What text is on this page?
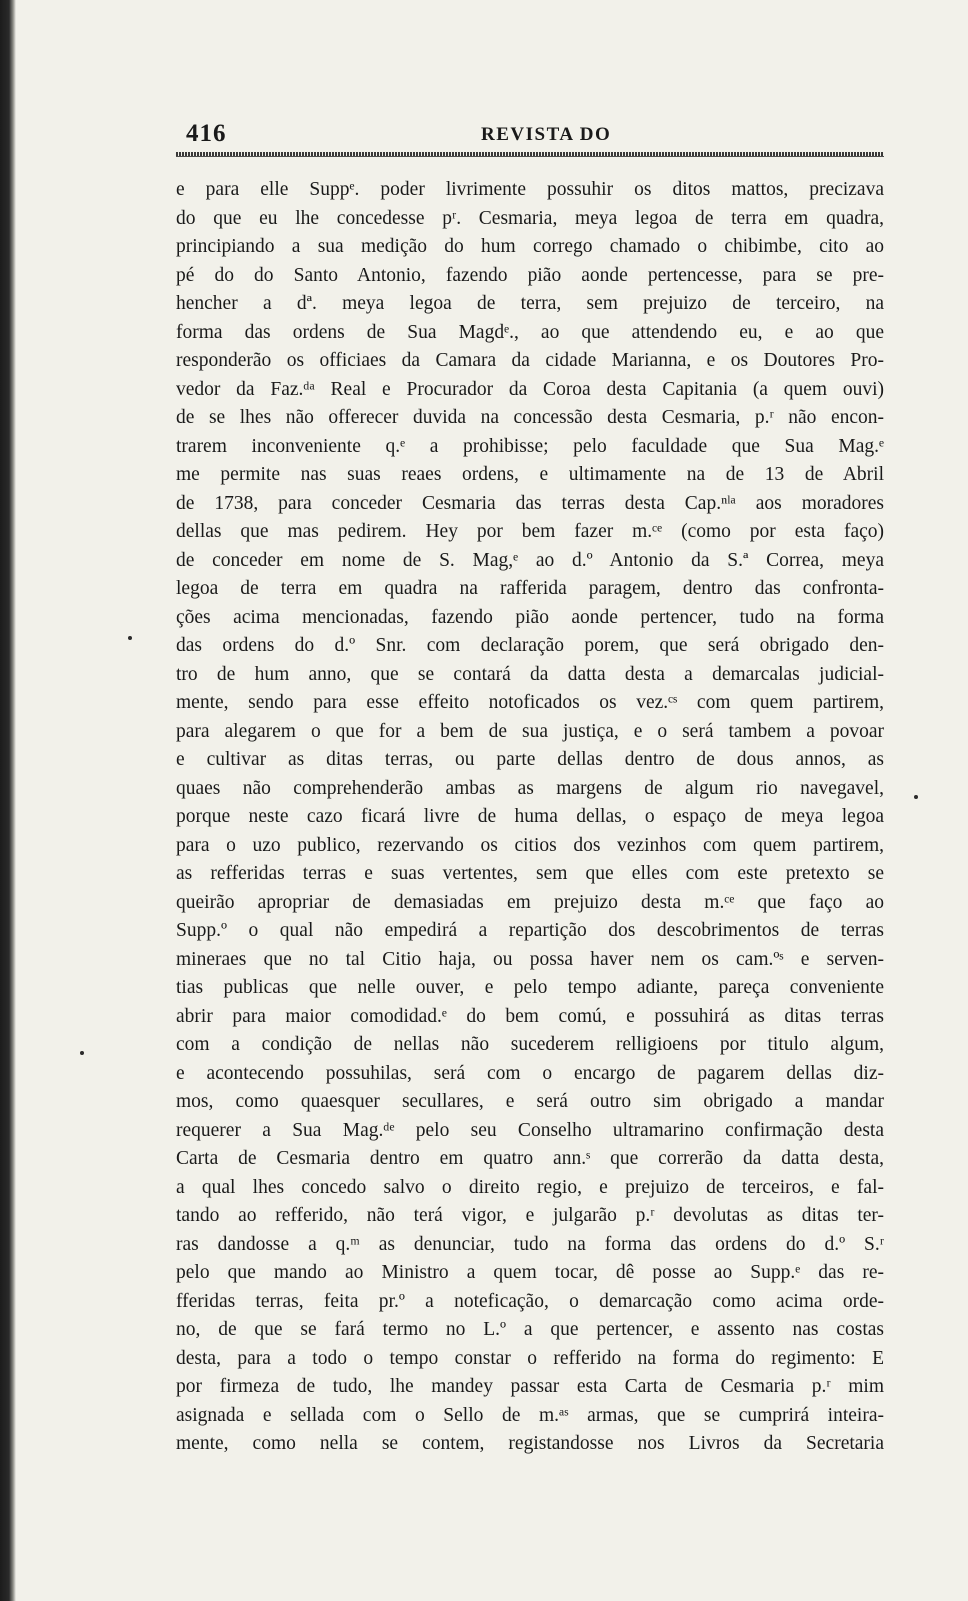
416	REVISTA DO
e para elle Suppᵉ. poder livrimente possuhir os ditos mattos, precizava
do que eu lhe concedesse pʳ. Cesmaria, meya legoa de terra em quadra,
principiando a sua medição do hum corrego chamado o chibimbe, cito ao
pé do do Santo Antonio, fazendo pião aonde pertencesse, para se pre-
hencher a dª. meya legoa de terra, sem prejuizo de terceiro, na
forma das ordens de Sua Magdᵉ., ao que attendendo eu, e ao que
responderão os officiaes da Camara da cidade Marianna, e os Doutores Pro-
vedor da Faz.ᵈᵃ Real e Procurador da Coroa desta Capitania (a quem ouvi)
de se lhes não offerecer duvida na concessão desta Cesmaria, p.ʳ não encon-
trarem inconveniente q.ᵉ a prohibisse; pelo faculdade que Sua Mag.ᵉ
me permite nas suas reaes ordens, e ultimamente na de 13 de Abril
de 1738, para conceder Cesmaria das terras desta Cap.ⁿˡᵃ aos moradores
dellas que mas pedirem. Hey por bem fazer m.ᶜᵉ (como por esta faço)
de conceder em nome de S. Mag,ᵉ ao d.º Antonio da S.ª Correa, meya
legoa de terra em quadra na rafferida paragem, dentro das confronta-
ções acima mencionadas, fazendo pião aonde pertencer, tudo na forma
das ordens do d.º Snr. com declaração porem, que será obrigado den-
tro de hum anno, que se contará da datta desta a demarcalas judicial-
mente, sendo para esse effeito notoficados os vez.ᶜˢ com quem partirem,
para alegarem o que for a bem de sua justiça, e o será tambem a povoar
e cultivar as ditas terras, ou parte dellas dentro de dous annos, as
quaes não comprehenderão ambas as margens de algum rio navegavel,
porque neste cazo ficará livre de huma dellas, o espaço de meya legoa
para o uzo publico, rezervando os citios dos vezinhos com quem partirem,
as refferidas terras e suas vertentes, sem que elles com este pretexto se
queirão apropriar de demasiadas em prejuizo desta m.ᶜᵉ que faço ao
Supp.º o qual não empedirá a repartição dos descobrimentos de terras
mineraes que no tal Citio haja, ou possa haver nem os cam.ºˢ e serven-
tias publicas que nelle ouver, e pelo tempo adiante, pareça conveniente
abrir para maior comodidad.ᵉ do bem comú, e possuhirá as ditas terras
com a condição de nellas não sucederem relligioens por titulo algum,
e acontecendo possuhilas, será com o encargo de pagarem dellas diz-
mos, como quaesquer secullares, e será outro sim obrigado a mandar
requerer a Sua Mag.ᵈᵉ pelo seu Conselho ultramarino confirmação desta
Carta de Cesmaria dentro em quatro ann.ˢ que correrão da datta desta,
a qual lhes concedo salvo o direito regio, e prejuizo de terceiros, e fal-
tando ao refferido, não terá vigor, e julgarão p.ʳ devolutas as ditas ter-
ras dandosse a q.ᵐ as denunciar, tudo na forma das ordens do d.º S.ʳ
pelo que mando ao Ministro a quem tocar, dê posse ao Supp.ᵉ das re-
fferidas terras, feita pr.º a noteficação, o demarcação como acima orde-
no, de que se fará termo no L.º a que pertencer, e assento nas costas
desta, para a todo o tempo constar o refferido na forma do regimento: E
por firmeza de tudo, lhe mandey passar esta Carta de Cesmaria p.ʳ mim
asignada e sellada com o Sello de m.ᵃˢ armas, que se cumprirá inteira-
mente, como nella se contem, registandosse nos Livros da Secretaria
